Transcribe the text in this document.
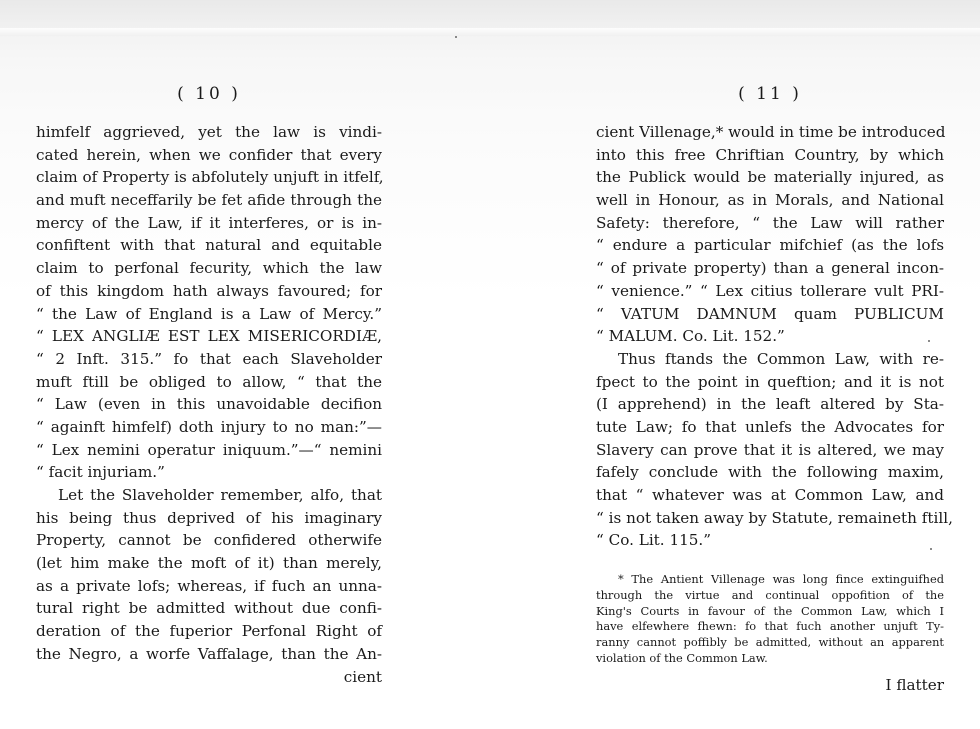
( 10 )
himfelf aggrieved, yet the law is vindi-
cated herein, when we confider that every
claim of Property is abfolutely unjuft in itfelf,
and muft neceffarily be fet afide through the
mercy of the Law, if it interferes, or is in-
confiftent with that natural and equitable
claim to perfonal fecurity, which the law
of this kingdom hath always favoured; for
“ the Law of England is a Law of Mercy.”
“ LEX ANGLIÆ EST LEX MISERICORDIÆ,
“ 2 Inft. 315.” fo that each Slaveholder
muft ftill be obliged to allow, “ that the
“ Law (even in this unavoidable decifion
“ againft himfelf) doth injury to no man:”—
“ Lex nemini operatur iniquum.”—“ nemini
“ facit injuriam.”
Let the Slaveholder remember, alfo, that
his being thus deprived of his imaginary
Property, cannot be confidered otherwife
(let him make the moft of it) than merely,
as a private lofs; whereas, if fuch an unna-
tural right be admitted without due confi-
deration of the fuperior Perfonal Right of
the Negro, a worfe Vaffalage, than the An-
cient
( 11 )
cient Villenage,* would in time be introduced
into this free Chriftian Country, by which
the Publick would be materially injured, as
well in Honour, as in Morals, and National
Safety: therefore, “ the Law will rather
“ endure a particular mifchief (as the lofs
“ of private property) than a general incon-
“ venience.” “ Lex citius tollerare vult PRI-
“ VATUM DAMNUM quam PUBLICUM
“ MALUM. Co. Lit. 152.”
Thus ftands the Common Law, with re-
fpect to the point in queftion; and it is not
(I apprehend) in the leaft altered by Sta-
tute Law; fo that unlefs the Advocates for
Slavery can prove that it is altered, we may
fafely conclude with the following maxim,
that “ whatever was at Common Law, and
“ is not taken away by Statute, remaineth ftill,
“ Co. Lit. 115.”
* The Antient Villenage was long fince extinguifhed
through the virtue and continual oppofition of the
King's Courts in favour of the Common Law, which I
have elfewhere fhewn: fo that fuch another unjuft Ty-
ranny cannot poffibly be admitted, without an apparent
violation of the Common Law.
I flatter
